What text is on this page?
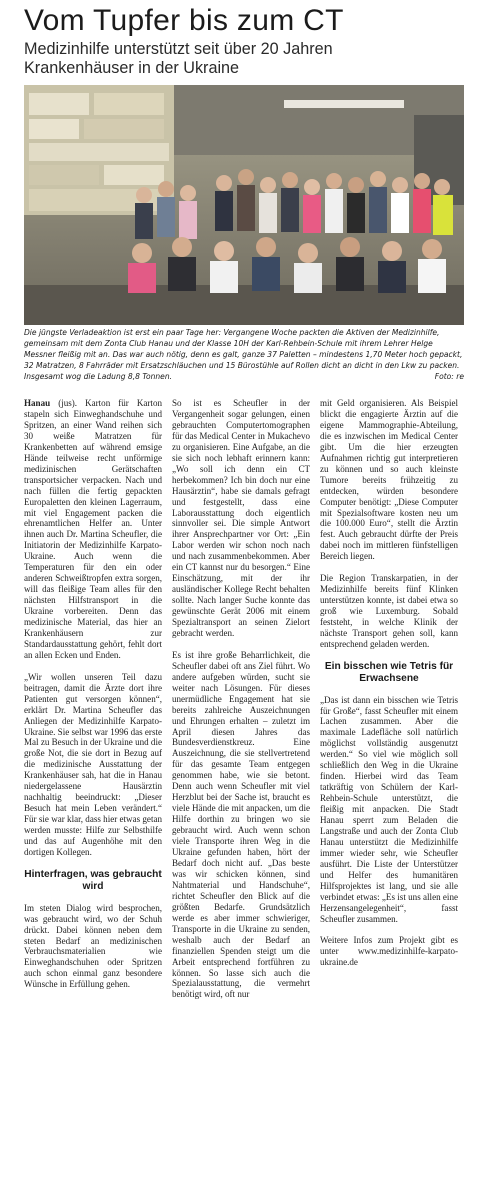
Vom Tupfer bis zum CT
Medizinhilfe unterstützt seit über 20 Jahren
Krankenhäuser in der Ukraine
Die jüngste Verladeaktion ist erst ein paar Tage her: Vergangene Woche packten die Aktiven der Medizinhilfe, gemeinsam mit dem Zonta Club Hanau und der Klasse 10H der Karl-Rehbein-Schule mit ihrem Lehrer Helge Messner fleißig mit an. Das war auch nötig, denn es galt, ganze 37 Paletten – mindestens 1,70 Meter hoch gepackt, 32 Matratzen, 8 Fahrräder mit Ersatzschläuchen und 15 Bürostühle auf Rollen dicht an dicht in den Lkw zu packen. Insgesamt wog die Ladung 8,8 Tonnen.	Foto: re

Hanau (jus). Karton für Karton stapeln sich Einweghandschuhe und Spritzen, an einer Wand reihen sich 30 weiße Matratzen für Krankenbetten auf während emsige Hände teilweise recht unförmige medizinischen Gerätschaften transportsicher verpacken. Nach und nach füllen die fertig gepackten Europaletten den kleinen Lagerraum, mit viel Engagement packen die ehrenamtlichen Helfer an. Unter ihnen auch Dr. Martina Scheufler, die Initiatorin der Medizinhilfe Karpato-Ukraine. Auch wenn die Temperaturen für den ein oder anderen Schweißtropfen extra sorgen, will das fleißige Team alles für den nächsten Hilfstransport in die Ukraine vorbereiten. Denn das medizinische Material, das hier an Krankenhäusern zur Standardausstattung gehört, fehlt dort an allen Ecken und Enden.

„Wir wollen unseren Teil dazu beitragen, damit die Ärzte dort ihre Patienten gut versorgen können“, erklärt Dr. Martina Scheufler das Anliegen der Medizinhilfe Karpato-Ukraine. Sie selbst war 1996 das erste Mal zu Besuch in der Ukraine und die große Not, die sie dort in Bezug auf die medizinische Ausstattung der Krankenhäuser sah, hat die in Hanau niedergelassene Hausärztin nachhaltig beeindruckt: „Dieser Besuch hat mein Leben verändert.“ Für sie war klar, dass hier etwas getan werden musste: Hilfe zur Selbsthilfe und das auf Augenhöhe mit den dortigen Kollegen.

Hinterfragen, was gebraucht wird

Im steten Dialog wird besprochen, was gebraucht wird, wo der Schuh drückt. Dabei können neben dem steten Bedarf an medizinischen Verbrauchsmaterialien wie Einweghandschuhen oder Spritzen auch schon einmal ganz besondere Wünsche in Erfüllung gehen.

So ist es Scheufler in der Vergangenheit sogar gelungen, einen gebrauchten Computertomographen für das Medical Center in Mukachevo zu organisieren. Eine Aufgabe, an die sie sich noch lebhaft erinnern kann: „Wo soll ich denn ein CT herbekommen? Ich bin doch nur eine Hausärztin“, habe sie damals gefragt und festgestellt, dass eine Laborausstattung doch eigentlich sinnvoller sei. Die simple Antwort ihrer Ansprechpartner vor Ort: „Ein Labor werden wir schon noch nach und nach zusammenbekommen. Aber ein CT kannst nur du besorgen.“ Eine Einschätzung, mit der ihr ausländischer Kollege Recht behalten sollte. Nach langer Suche konnte das gewünschte Gerät 2006 mit einem Spezialtransport an seinen Zielort gebracht werden.

Es ist ihre große Beharrlichkeit, die Scheufler dabei oft ans Ziel führt. Wo andere aufgeben würden, sucht sie weiter nach Lösungen. Für dieses unermüdliche Engagement hat sie bereits zahlreiche Auszeichnungen und Ehrungen erhalten – zuletzt im April diesen Jahres das Bundesverdienstkreuz. Eine Auszeichnung, die sie stellvertretend für das gesamte Team entgegen genommen habe, wie sie betont. Denn auch wenn Scheufler mit viel Herzblut bei der Sache ist, braucht es viele Hände die mit anpacken, um die Hilfe dorthin zu bringen wo sie gebraucht wird. Auch wenn schon viele Transporte ihren Weg in die Ukraine gefunden haben, hört der Bedarf doch nicht auf. „Das beste was wir schicken können, sind Nahtmaterial und Handschuhe“, richtet Scheufler den Blick auf die größten Bedarfe. Grundsätzlich werde es aber immer schwieriger, Transporte in die Ukraine zu senden, weshalb auch der Bedarf an finanziellen Spenden steigt um die Arbeit entsprechend fortführen zu können. So lasse sich auch die Spezialausstattung, die vermehrt benötigt wird, oft nur

mit Geld organisieren. Als Beispiel blickt die engagierte Ärztin auf die eigene Mammographie-Abteilung, die es inzwischen im Medical Center gibt. Um die hier erzeugten Aufnahmen richtig gut interpretieren zu können und so auch kleinste Tumore bereits frühzeitig zu entdecken, würden besondere Computer benötigt: „Diese Computer mit Spezialsoftware kosten neu um die 100.000 Euro“, stellt die Ärztin fest. Auch gebraucht dürfte der Preis dabei noch im mittleren fünfstelligen Bereich liegen.

Die Region Transkarpatien, in der Medizinhilfe bereits fünf Klinken unterstützen konnte, ist dabei etwa so groß wie Luxemburg. Sobald feststeht, in welche Klinik der nächste Transport gehen soll, kann entsprechend geladen werden.

Ein bisschen wie Tetris für Erwachsene

„Das ist dann ein bisschen wie Tetris für Große“, fasst Scheufler mit einem Lachen zusammen. Aber die maximale Ladefläche soll natürlich möglichst vollständig ausgenutzt werden.“ So viel wie möglich soll schließlich den Weg in die Ukraine finden. Hierbei wird das Team tatkräftig von Schülern der Karl-Rehbein-Schule unterstützt, die fleißig mit anpacken. Die Stadt Hanau sperrt zum Beladen die Langstraße und auch der Zonta Club Hanau unterstützt die Medizinhilfe immer wieder sehr, wie Scheufler ausführt. Die Liste der Unterstützer und Helfer des humanitären Hilfsprojektes ist lang, und sie alle verbindet etwas: „Es ist uns allen eine Herzensangelegenheit“, fasst Scheufler zusammen.

Weitere Infos zum Projekt gibt es unter www.medizinhilfe-karpato-ukraine.de
